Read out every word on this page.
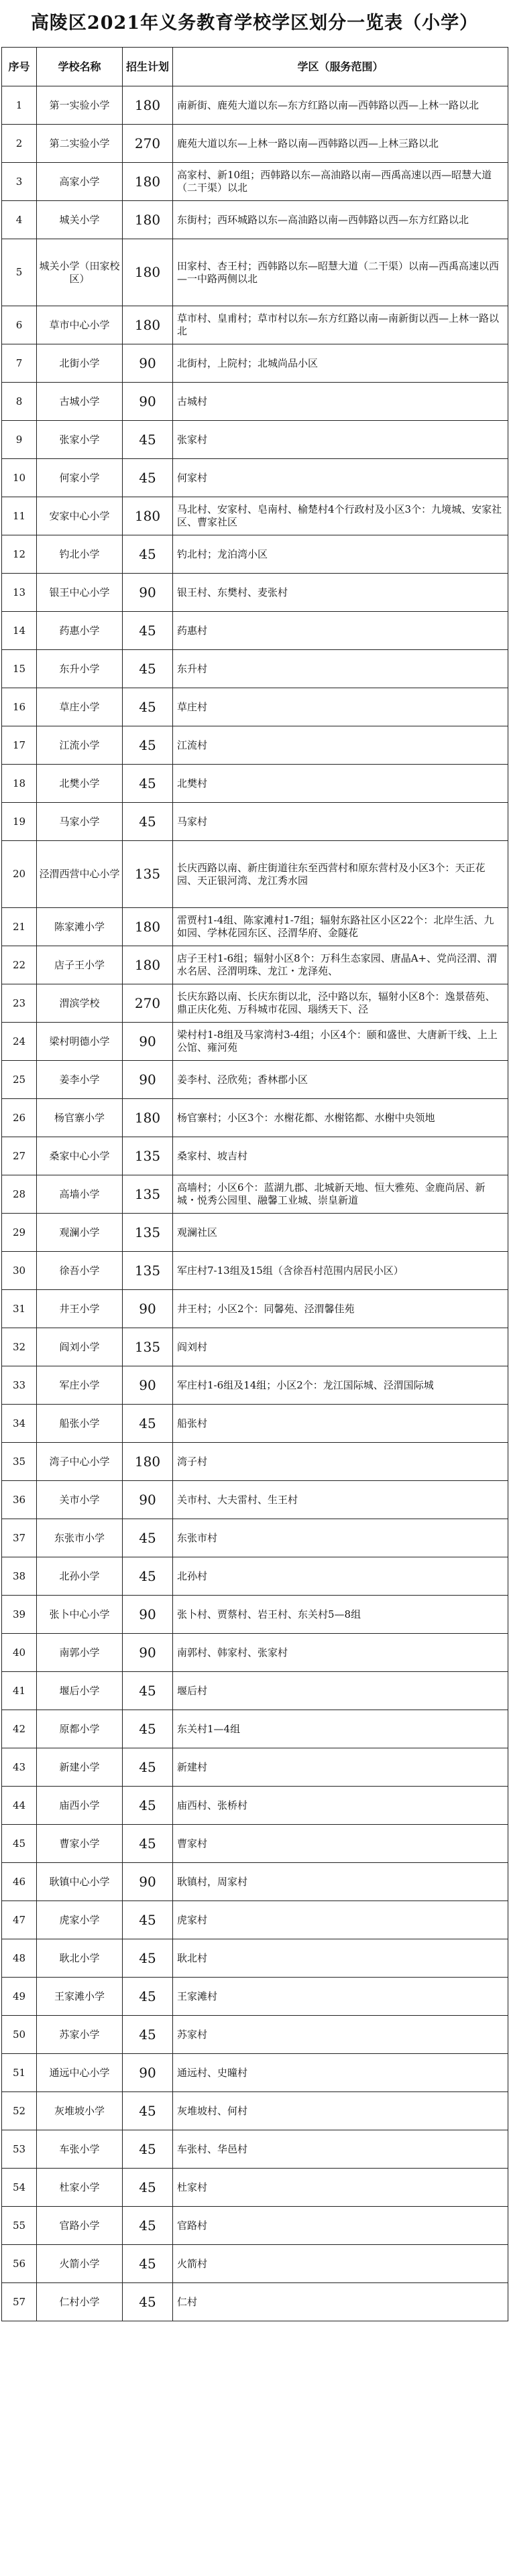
高陵区2021年义务教育学校学区划分一览表（小学）
序号	学校名称	招生计划	学区（服务范围）
1	第一实验小学	180	南新街、鹿苑大道以东—东方红路以南—西韩路以西—上林一路以北
2	第二实验小学	270	鹿苑大道以东—上林一路以南—西韩路以西—上林三路以北
3	高家小学	180	高家村、新10组；西韩路以东—高油路以南—西禹高速以西—昭慧大道（二干渠）以北
4	城关小学	180	东街村；西环城路以东—高油路以南—西韩路以西—东方红路以北
5	城关小学（田家校区）	180	田家村、杏王村；西韩路以东—昭慧大道（二干渠）以南—西禹高速以西—一中路两侧以北
6	草市中心小学	180	草市村、皇甫村；草市村以东—东方红路以南—南新街以西—上林一路以北
7	北街小学	90	北街村，上院村；北城尚品小区
8	古城小学	90	古城村
9	张家小学	45	张家村
10	何家小学	45	何家村
11	安家中心小学	180	马北村、安家村、皂南村、榆楚村4个行政村及小区3个：九境城、安家社区、曹家社区
12	钓北小学	45	钓北村；龙泊湾小区
13	银王中心小学	90	银王村、东樊村、麦张村
14	药惠小学	45	药惠村
15	东升小学	45	东升村
16	草庄小学	45	草庄村
17	江流小学	45	江流村
18	北樊小学	45	北樊村
19	马家小学	45	马家村
20	泾渭西营中心小学	135	长庆西路以南、新庄街道往东至西营村和原东营村及小区3个：天正花园、天正银河湾、龙江秀水园
21	陈家滩小学	180	雷贾村1-4组、陈家滩村1-7组；辐射东路社区小区22个：北岸生活、九如园、学林花园东区、泾渭华府、金隧花
22	店子王小学	180	店子王村1-6组；辐射小区8个：万科生态家园、唐晶A+、党尚泾渭、渭水名居、泾渭明珠、龙江・龙泽苑、
23	渭滨学校	270	长庆东路以南、长庆东街以北，泾中路以东，辐射小区8个：逸景蓓苑、鼎正庆化苑、万科城市花园、瑙绣天下、泾
24	梁村明德小学	90	梁村村1-8组及马家湾村3-4组；小区4个：颐和盛世、大唐新干线、上上公馆、雍河苑
25	姜李小学	90	姜李村、泾欣苑；香林郡小区
26	杨官寨小学	180	杨官寨村；小区3个：水榭花都、水榭铭都、水榭中央领地
27	桑家中心小学	135	桑家村、坡吉村
28	高墙小学	135	高墙村；小区6个：蓝湖九郡、北城新天地、恒大雅苑、金鹿尚居、新城・悦秀公园里、融馨工业城、崇皇新道
29	观澜小学	135	观澜社区
30	徐吾小学	135	军庄村7-13组及15组（含徐吾村范围内居民小区）
31	井王小学	90	井王村；小区2个：同馨苑、泾渭馨佳苑
32	阎刘小学	135	阎刘村
33	军庄小学	90	军庄村1-6组及14组；小区2个：龙江国际城、泾渭国际城
34	船张小学	45	船张村
35	湾子中心小学	180	湾子村
36	关市小学	90	关市村、大夫雷村、生王村
37	东张市小学	45	东张市村
38	北孙小学	45	北孙村
39	张卜中心小学	90	张卜村、贾蔡村、岩王村、东关村5—8组
40	南郭小学	90	南郭村、韩家村、张家村
41	堰后小学	45	堰后村
42	原都小学	45	东关村1—4组
43	新建小学	45	新建村
44	庙西小学	45	庙西村、张桥村
45	曹家小学	45	曹家村
46	耿镇中心小学	90	耿镇村，周家村
47	虎家小学	45	虎家村
48	耿北小学	45	耿北村
49	王家滩小学	45	王家滩村
50	苏家小学	45	苏家村
51	通远中心小学	90	通远村、史曈村
52	灰堆坡小学	45	灰堆坡村、何村
53	车张小学	45	车张村、华邑村
54	杜家小学	45	杜家村
55	官路小学	45	官路村
56	火箭小学	45	火箭村
57	仁村小学	45	仁村
